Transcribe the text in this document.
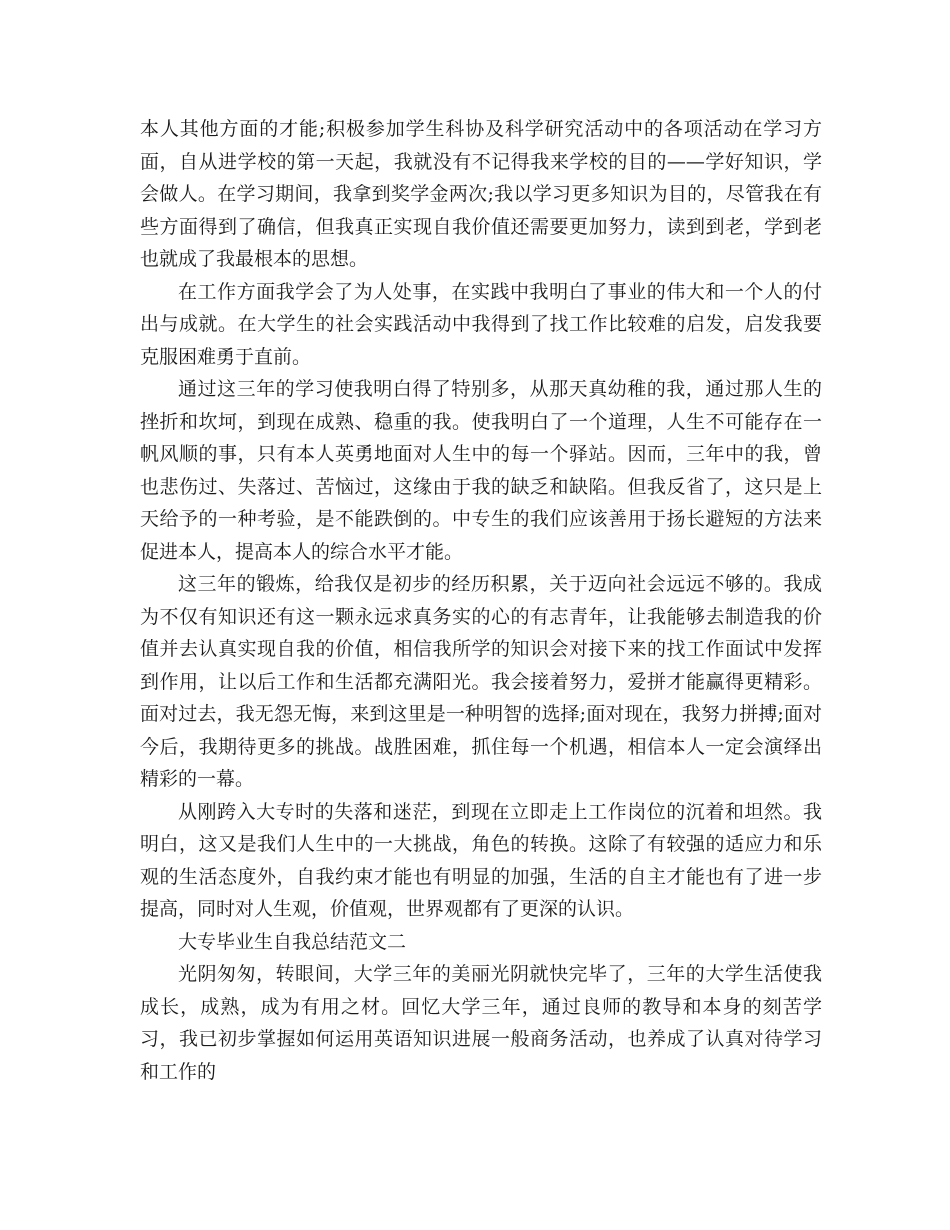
本人其他方面的才能;积极参加学生科协及科学研究活动中的各项活动在学习方面，自从进学校的第一天起，我就没有不记得我来学校的目的——学好知识，学会做人。在学习期间，我拿到奖学金两次;我以学习更多知识为目的，尽管我在有些方面得到了确信，但我真正实现自我价值还需要更加努力，读到到老，学到老也就成了我最根本的思想。

在工作方面我学会了为人处事，在实践中我明白了事业的伟大和一个人的付出与成就。在大学生的社会实践活动中我得到了找工作比较难的启发，启发我要克服困难勇于直前。

通过这三年的学习使我明白得了特别多，从那天真幼稚的我，通过那人生的挫折和坎坷，到现在成熟、稳重的我。使我明白了一个道理，人生不可能存在一帆风顺的事，只有本人英勇地面对人生中的每一个驿站。因而，三年中的我，曾也悲伤过、失落过、苦恼过，这缘由于我的缺乏和缺陷。但我反省了，这只是上天给予的一种考验，是不能跌倒的。中专生的我们应该善用于扬长避短的方法来促进本人，提高本人的综合水平才能。

这三年的锻炼，给我仅是初步的经历积累，关于迈向社会远远不够的。我成为不仅有知识还有这一颗永远求真务实的心的有志青年，让我能够去制造我的价值并去认真实现自我的价值，相信我所学的知识会对接下来的找工作面试中发挥到作用，让以后工作和生活都充满阳光。我会接着努力，爱拼才能赢得更精彩。面对过去，我无怨无悔，来到这里是一种明智的选择;面对现在，我努力拼搏;面对今后，我期待更多的挑战。战胜困难，抓住每一个机遇，相信本人一定会演绎出精彩的一幕。

从刚跨入大专时的失落和迷茫，到现在立即走上工作岗位的沉着和坦然。我明白，这又是我们人生中的一大挑战，角色的转换。这除了有较强的适应力和乐观的生活态度外，自我约束才能也有明显的加强，生活的自主才能也有了进一步提高，同时对人生观，价值观，世界观都有了更深的认识。

大专毕业生自我总结范文二

光阴匆匆，转眼间，大学三年的美丽光阴就快完毕了，三年的大学生活使我成长，成熟，成为有用之材。回忆大学三年，通过良师的教导和本身的刻苦学习，我已初步掌握如何运用英语知识进展一般商务活动，也养成了认真对待学习和工作的
